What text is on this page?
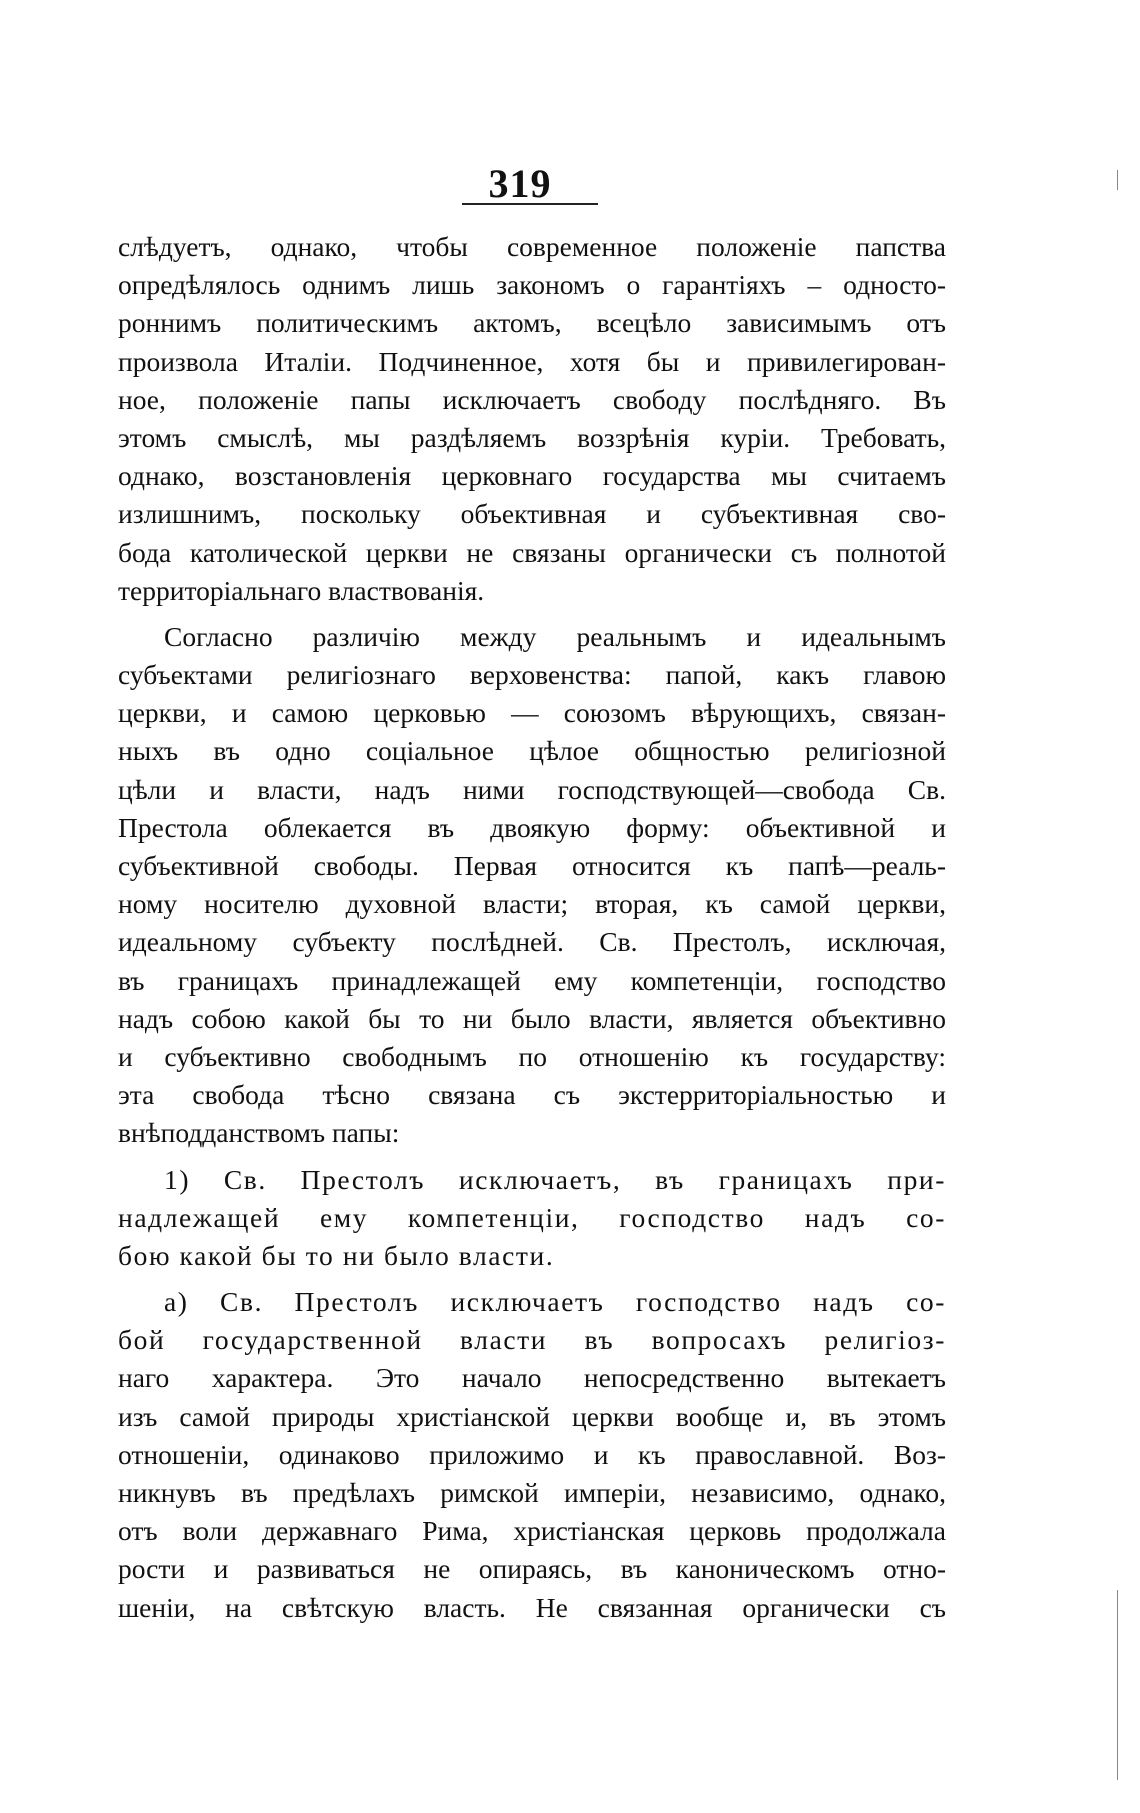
319
слѣдуетъ, однако, чтобы современное положенiе папства
опредѣлялось однимъ лишь закономъ о гарантiяхъ – односто-
роннимъ политическимъ актомъ, всецѣло зависимымъ отъ
произвола Италiи. Подчиненное, хотя бы и привилегирован-
ное, положенiе папы исключаетъ свободу послѣдняго. Въ
этомъ смыслѣ, мы раздѣляемъ воззрѣнiя курiи. Требовать,
однако, возстановленiя церковнаго государства мы считаемъ
излишнимъ, поскольку объективная и субъективная сво-
бода католической церкви не связаны органически съ полнотой
территорiальнаго властвованiя.
Согласно различiю между реальнымъ и идеальнымъ
субъектами религiознаго верховенства: папой, какъ главою
церкви, и самою церковью — союзомъ вѣрующихъ, связан-
ныхъ въ одно соцiальное цѣлое общностью религiозной
цѣли и власти, надъ ними господствующей—свобода Св.
Престола облекается въ двоякую форму: объективной и
субъективной свободы. Первая относится къ папѣ—реаль-
ному носителю духовной власти; вторая, къ самой церкви,
идеальному субъекту послѣдней. Св. Престолъ, исключая,
въ границахъ принадлежащей ему компетенцiи, господство
надъ собою какой бы то ни было власти, является объективно
и субъективно свободнымъ по отношенiю къ государству:
эта свобода тѣсно связана съ экстерриторiальностью и
внѣподданствомъ папы:
1) Св. Престолъ исключаетъ, въ границахъ при-
надлежащей ему компетенцiи, господство надъ со-
бою какой бы то ни было власти.
а) Св. Престолъ исключаетъ господство надъ со-
бой государственной власти въ вопросахъ религiоз-
наго характера. Это начало непосредственно вытекаетъ
изъ самой природы христiанской церкви вообще и, въ этомъ
отношенiи, одинаково приложимо и къ православной. Воз-
никнувъ въ предѣлахъ римской имперiи, независимо, однако,
отъ воли державнаго Рима, христiанская церковь продолжала
рости и развиваться не опираясь, въ каноническомъ отно-
шенiи, на свѣтскую власть. Не связанная органически съ
